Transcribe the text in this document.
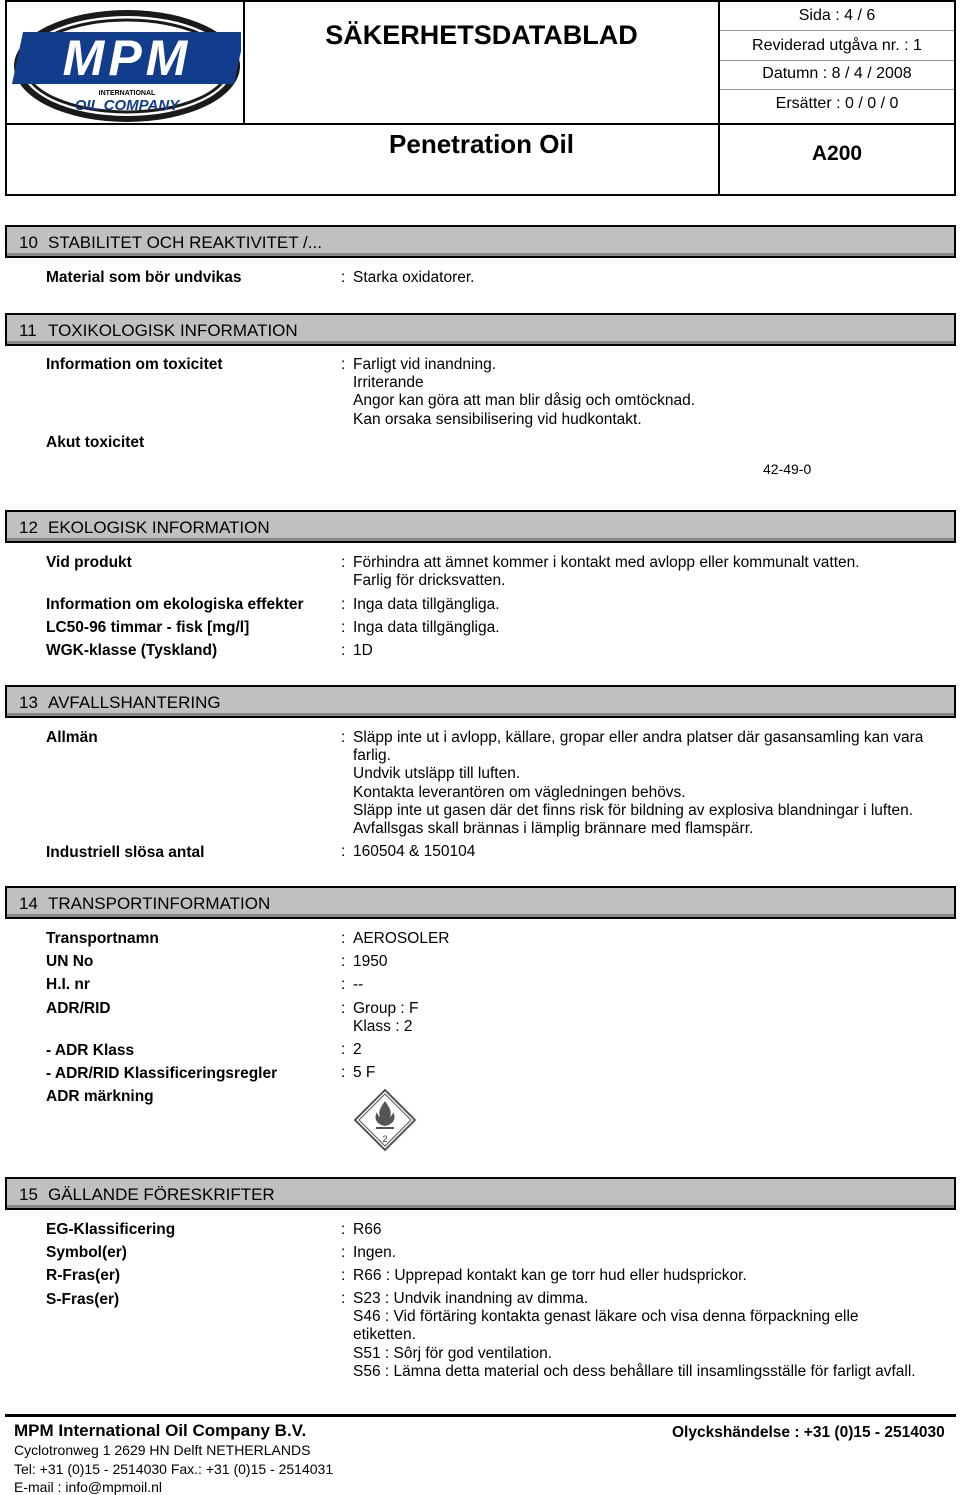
MPM
INTERNATIONAL
OIL COMPANY
SÄKERHETSDATABLAD
Penetration Oil
Sida : 4 / 6
Reviderad utgåva nr. : 1
Datumn : 8 / 4 / 2008
Ersätter : 0 / 0 / 0
A200
10 STABILITET OCH REAKTIVITET /...
Material som bör undvikas	: Starka oxidatorer.
11 TOXIKOLOGISK INFORMATION
Information om toxicitet	: Farligt vid inandning.
Irriterande
Angor kan göra att man blir dåsig och omtöcknad.
Kan orsaka sensibilisering vid hudkontakt.
Akut toxicitet
42-49-0
12 EKOLOGISK INFORMATION
Vid produkt	: Förhindra att ämnet kommer i kontakt med avlopp eller kommunalt vatten.
Farlig för dricksvatten.
Information om ekologiska effekter : Inga data tillgängliga.
LC50-96 timmar - fisk [mg/l]	: Inga data tillgängliga.
WGK-klasse (Tyskland)	: 1D
13 AVFALLSHANTERING
Allmän	: Släpp inte ut i avlopp, källare, gropar eller andra platser där gasansamling kan vara
farlig.
Undvik utsläpp till luften.
Kontakta leverantören om vägledningen behövs.
Släpp inte ut gasen där det finns risk för bildning av explosiva blandningar i luften.
Avfallsgas skall brännas i lämplig brännare med flamspärr.
Industriell slösa antal	: 160504 & 150104
14 TRANSPORTINFORMATION
Transportnamn	: AEROSOLER
UN No	: 1950
H.I. nr	: --
ADR/RID	: Group : F
Klass : 2
- ADR Klass	: 2
- ADR/RID Klassificeringsregler	: 5 F
ADR märkning
2
15 GÄLLANDE FÖRESKRIFTER
EG-Klassificering	: R66
Symbol(er)	: Ingen.
R-Fras(er)	: R66 : Upprepad kontakt kan ge torr hud eller hudsprickor.
S-Fras(er)	: S23 : Undvik inandning av dimma.
S46 : Vid förtäring kontakta genast läkare och visa denna förpackning elle
etiketten.
S51 : Sôrj för god ventilation.
S56 : Lämna detta material och dess behållare till insamlingsställe för farligt avfall.
MPM International Oil Company B.V.
Cyclotronweg 1 2629 HN Delft NETHERLANDS
Tel: +31 (0)15 - 2514030 Fax.: +31 (0)15 - 2514031
E-mail : info@mpmoil.nl
Olyckshändelse : +31 (0)15 - 2514030
